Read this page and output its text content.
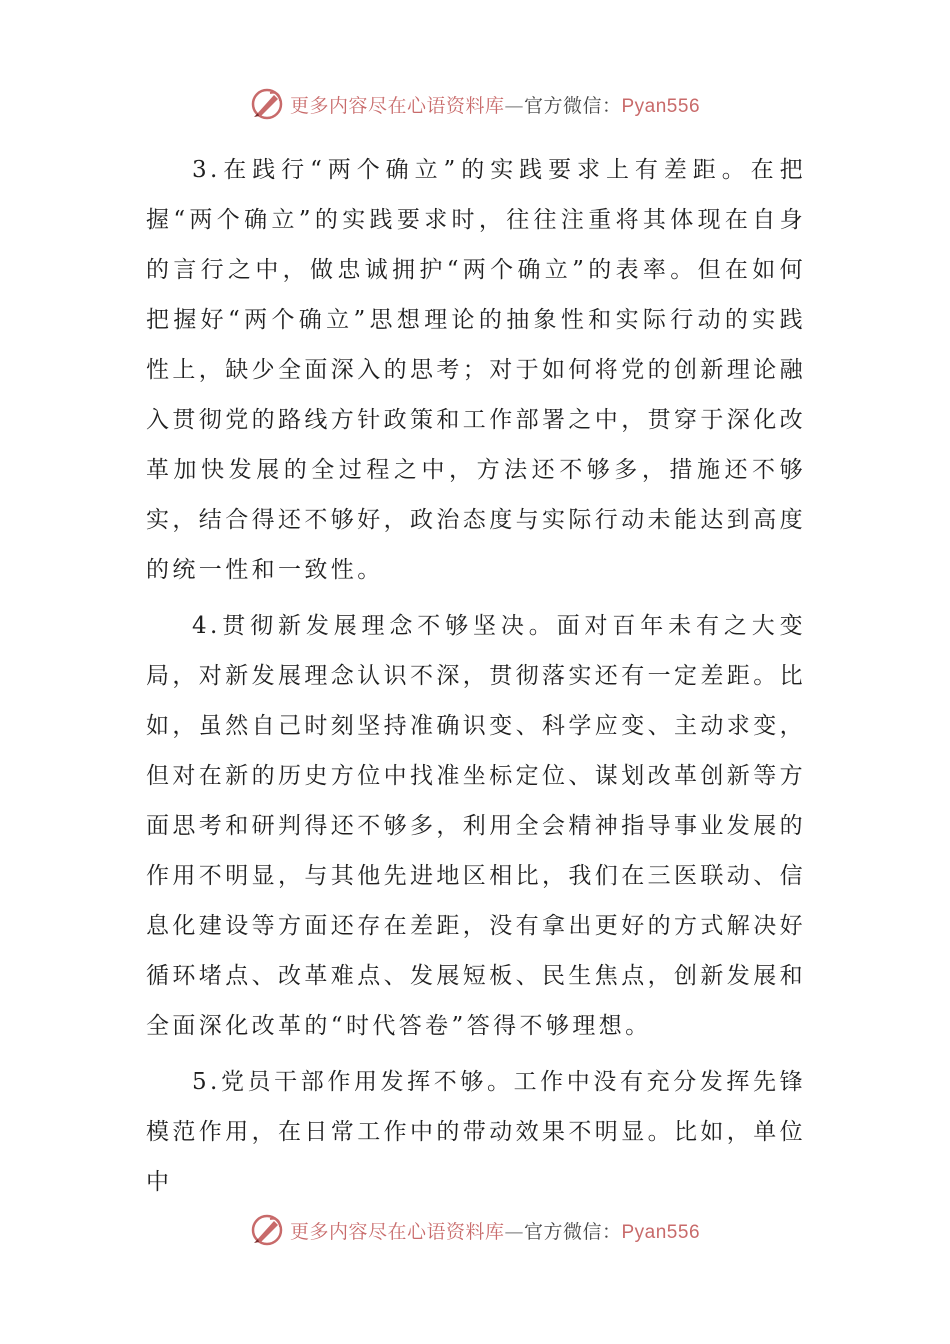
更多内容尽在心语资料库—官方微信：Pyan556

3.在践行“两个确立”的实践要求上有差距。在把握“两个确立”的实践要求时，往往注重将其体现在自身的言行之中，做忠诚拥护“两个确立”的表率。但在如何把握好“两个确立”思想理论的抽象性和实际行动的实践性上，缺少全面深入的思考；对于如何将党的创新理论融入贯彻党的路线方针政策和工作部署之中，贯穿于深化改革加快发展的全过程之中，方法还不够多，措施还不够实，结合得还不够好，政治态度与实际行动未能达到高度的统一性和一致性。

4.贯彻新发展理念不够坚决。面对百年未有之大变局，对新发展理念认识不深，贯彻落实还有一定差距。比如，虽然自己时刻坚持准确识变、科学应变、主动求变，但对在新的历史方位中找准坐标定位、谋划改革创新等方面思考和研判得还不够多，利用全会精神指导事业发展的作用不明显，与其他先进地区相比，我们在三医联动、信息化建设等方面还存在差距，没有拿出更好的方式解决好循环堵点、改革难点、发展短板、民生焦点，创新发展和全面深化改革的“时代答卷”答得不够理想。

5.党员干部作用发挥不够。工作中没有充分发挥先锋模范作用，在日常工作中的带动效果不明显。比如，单位中

更多内容尽在心语资料库—官方微信：Pyan556
